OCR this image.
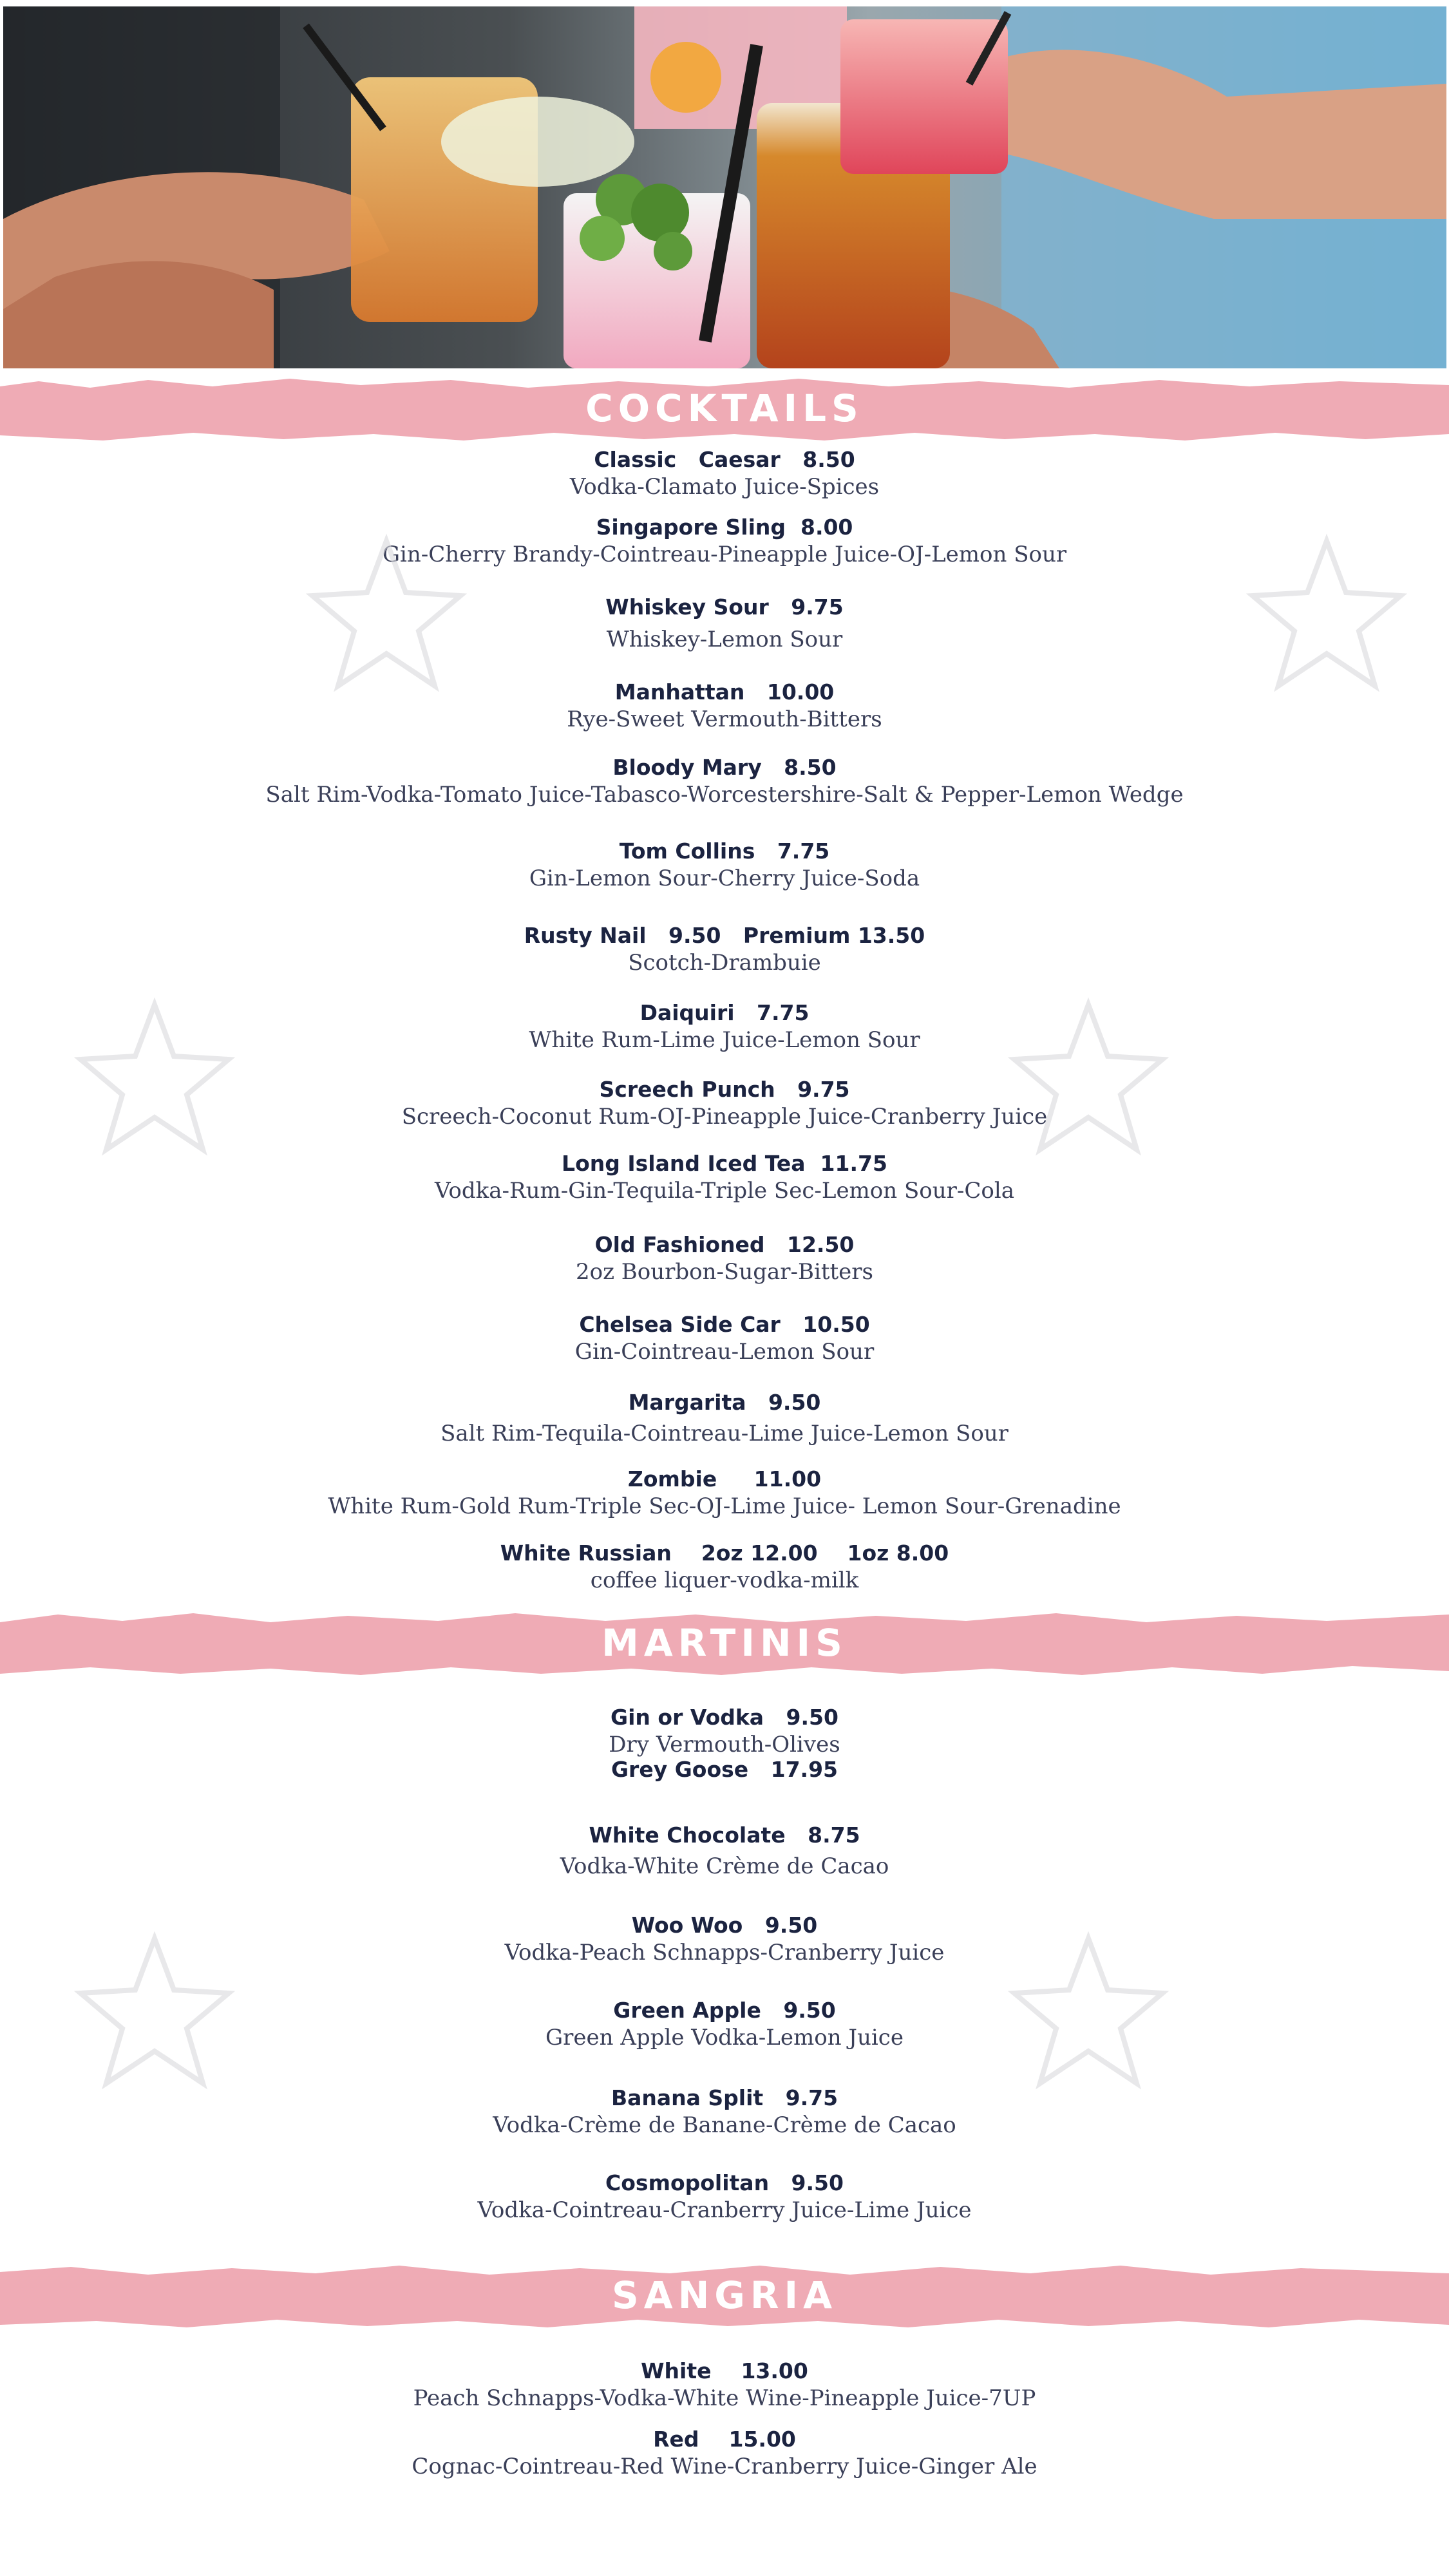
COCKTAILS
Classic   Caesar   8.50
Vodka-Clamato Juice-Spices
Singapore Sling  8.00
Gin-Cherry Brandy-Cointreau-Pineapple Juice-OJ-Lemon Sour
Whiskey Sour   9.75
Whiskey-Lemon Sour
Manhattan   10.00
Rye-Sweet Vermouth-Bitters
Bloody Mary   8.50
Salt Rim-Vodka-Tomato Juice-Tabasco-Worcestershire-Salt & Pepper-Lemon Wedge
Tom Collins   7.75
Gin-Lemon Sour-Cherry Juice-Soda
Rusty Nail   9.50   Premium 13.50
Scotch-Drambuie
Daiquiri   7.75
White Rum-Lime Juice-Lemon Sour
Screech Punch   9.75
Screech-Coconut Rum-OJ-Pineapple Juice-Cranberry Juice
Long Island Iced Tea  11.75
Vodka-Rum-Gin-Tequila-Triple Sec-Lemon Sour-Cola
Old Fashioned   12.50
2oz Bourbon-Sugar-Bitters
Chelsea Side Car   10.50
Gin-Cointreau-Lemon Sour
Margarita   9.50
Salt Rim-Tequila-Cointreau-Lime Juice-Lemon Sour
Zombie     11.00
White Rum-Gold Rum-Triple Sec-OJ-Lime Juice- Lemon Sour-Grenadine
White Russian    2oz 12.00    1oz 8.00
coffee liquer-vodka-milk
MARTINIS
Gin or Vodka   9.50
Dry Vermouth-Olives
Grey Goose   17.95
White Chocolate   8.75
Vodka-White Crème de Cacao
Woo Woo   9.50
Vodka-Peach Schnapps-Cranberry Juice
Green Apple   9.50
Green Apple Vodka-Lemon Juice
Banana Split   9.75
Vodka-Crème de Banane-Crème de Cacao
Cosmopolitan   9.50
Vodka-Cointreau-Cranberry Juice-Lime Juice
SANGRIA
White    13.00
Peach Schnapps-Vodka-White Wine-Pineapple Juice-7UP
Red    15.00
Cognac-Cointreau-Red Wine-Cranberry Juice-Ginger Ale
